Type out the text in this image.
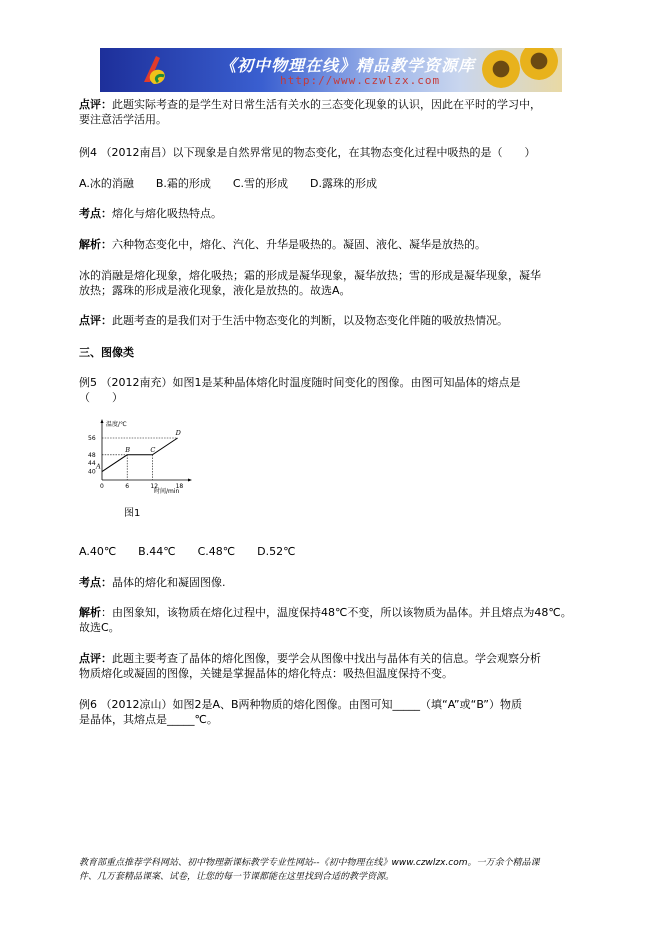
《初中物理在线》精品教学资源库
http://www.czwlzx.com

点评：此题实际考查的是学生对日常生活有关水的三态变化现象的认识，因此在平时的学习中，

要注意活学活用。

例4 （2012南昌）以下现象是自然界常见的物态变化，在其物态变化过程中吸热的是（　　）

A.冰的消融　　B.霜的形成　　C.雪的形成　　D.露珠的形成

考点：熔化与熔化吸热特点。

解析：六种物态变化中，熔化、汽化、升华是吸热的。凝固、液化、凝华是放热的。

冰的消融是熔化现象，熔化吸热；霜的形成是凝华现象，凝华放热；雪的形成是凝华现象，凝华

放热；露珠的形成是液化现象，液化是放热的。故选A。

点评：此题考查的是我们对于生活中物态变化的判断，以及物态变化伴随的吸放热情况。

三、图像类

例5 （2012南充）如图1是某种晶体熔化时温度随时间变化的图像。由图可知晶体的熔点是

（　　）

温度/℃
时间/min
40
44
48
56
0	6	12	18
A
B	C
D
图1

A.40℃　　B.44℃　　C.48℃　　D.52℃

考点：晶体的熔化和凝固图像.

解析：由图象知，该物质在熔化过程中，温度保持48℃不变，所以该物质为晶体。并且熔点为48℃。

故选C。

点评：此题主要考查了晶体的熔化图像，要学会从图像中找出与晶体有关的信息。学会观察分析

物质熔化或凝固的图像，关键是掌握晶体的熔化特点：吸热但温度保持不变。

例6 （2012凉山）如图2是A、B两种物质的熔化图像。由图可知_____（填“A”或“B”）物质

是晶体，其熔点是_____℃。

教育部重点推荐学科网站、初中物理新课标教学专业性网站--《初中物理在线》www.czwlzx.com。一万余个精品课
件、几万套精品课案、试卷，让您的每一节课都能在这里找到合适的教学资源。
